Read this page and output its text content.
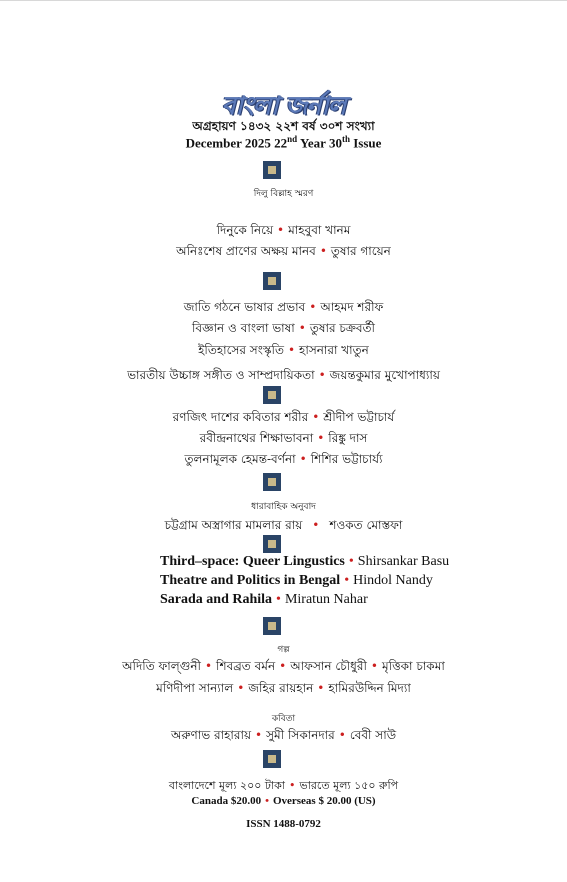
বাংলা জর্নাল
অগ্রহায়ণ ১৪৩২ ২২শ বর্ষ ৩০শ সংখ্যা
December 2025 22nd Year 30th Issue
দিলু বিল্লাহ স্মরণ
দিনুকে নিয়ে • মাহবুবা খানম
অনিঃশেষ প্রাণের অক্ষয় মানব • তুষার গায়েন
জাতি গঠনে ভাষার প্রভাব • আহমদ শরীফ
বিজ্ঞান ও বাংলা ভাষা • তুষার চক্রবর্তী
ইতিহাসের সংস্কৃতি • হাসনারা খাতুন
ভারতীয় উচ্চাঙ্গ সঙ্গীত ও সাম্প্রদায়িকতা • জয়ন্তকুমার মুখোপাধ্যায়
রণজিৎ দাশের কবিতার শরীর • শ্রীদীপ ভট্টাচার্য
রবীন্দ্রনাথের শিক্ষাভাবনা • রিঙ্কু দাস
তুলনামূলক হেমন্ত-বর্ণনা • শিশির ভট্টাচার্য্য
ধারাবাহিক অনুবাদ
চট্টগ্রাম অস্ত্রাগার মামলার রায় • শওকত মোস্তফা
Third–space: Queer Lingustics • Shirsankar Basu
Theatre and Politics in Bengal • Hindol Nandy
Sarada and Rahila • Miratun Nahar
গল্প
অদিতি ফাল্গুনী • শিবব্রত বর্মন • আফসান চৌধুরী • মৃত্তিকা চাকমা
মণিদীপা সান্যাল • জহির রায়হান • হামিরউদ্দিন মিদ্যা
কবিতা
অরুণাভ রাহারায় • সুমী সিকানদার • বেবী সাউ
বাংলাদেশে মূল্য ২০০ টাকা • ভারতে মূল্য ১৫০ রুপি
Canada $20.00 • Overseas $ 20.00 (US)
ISSN 1488-0792
